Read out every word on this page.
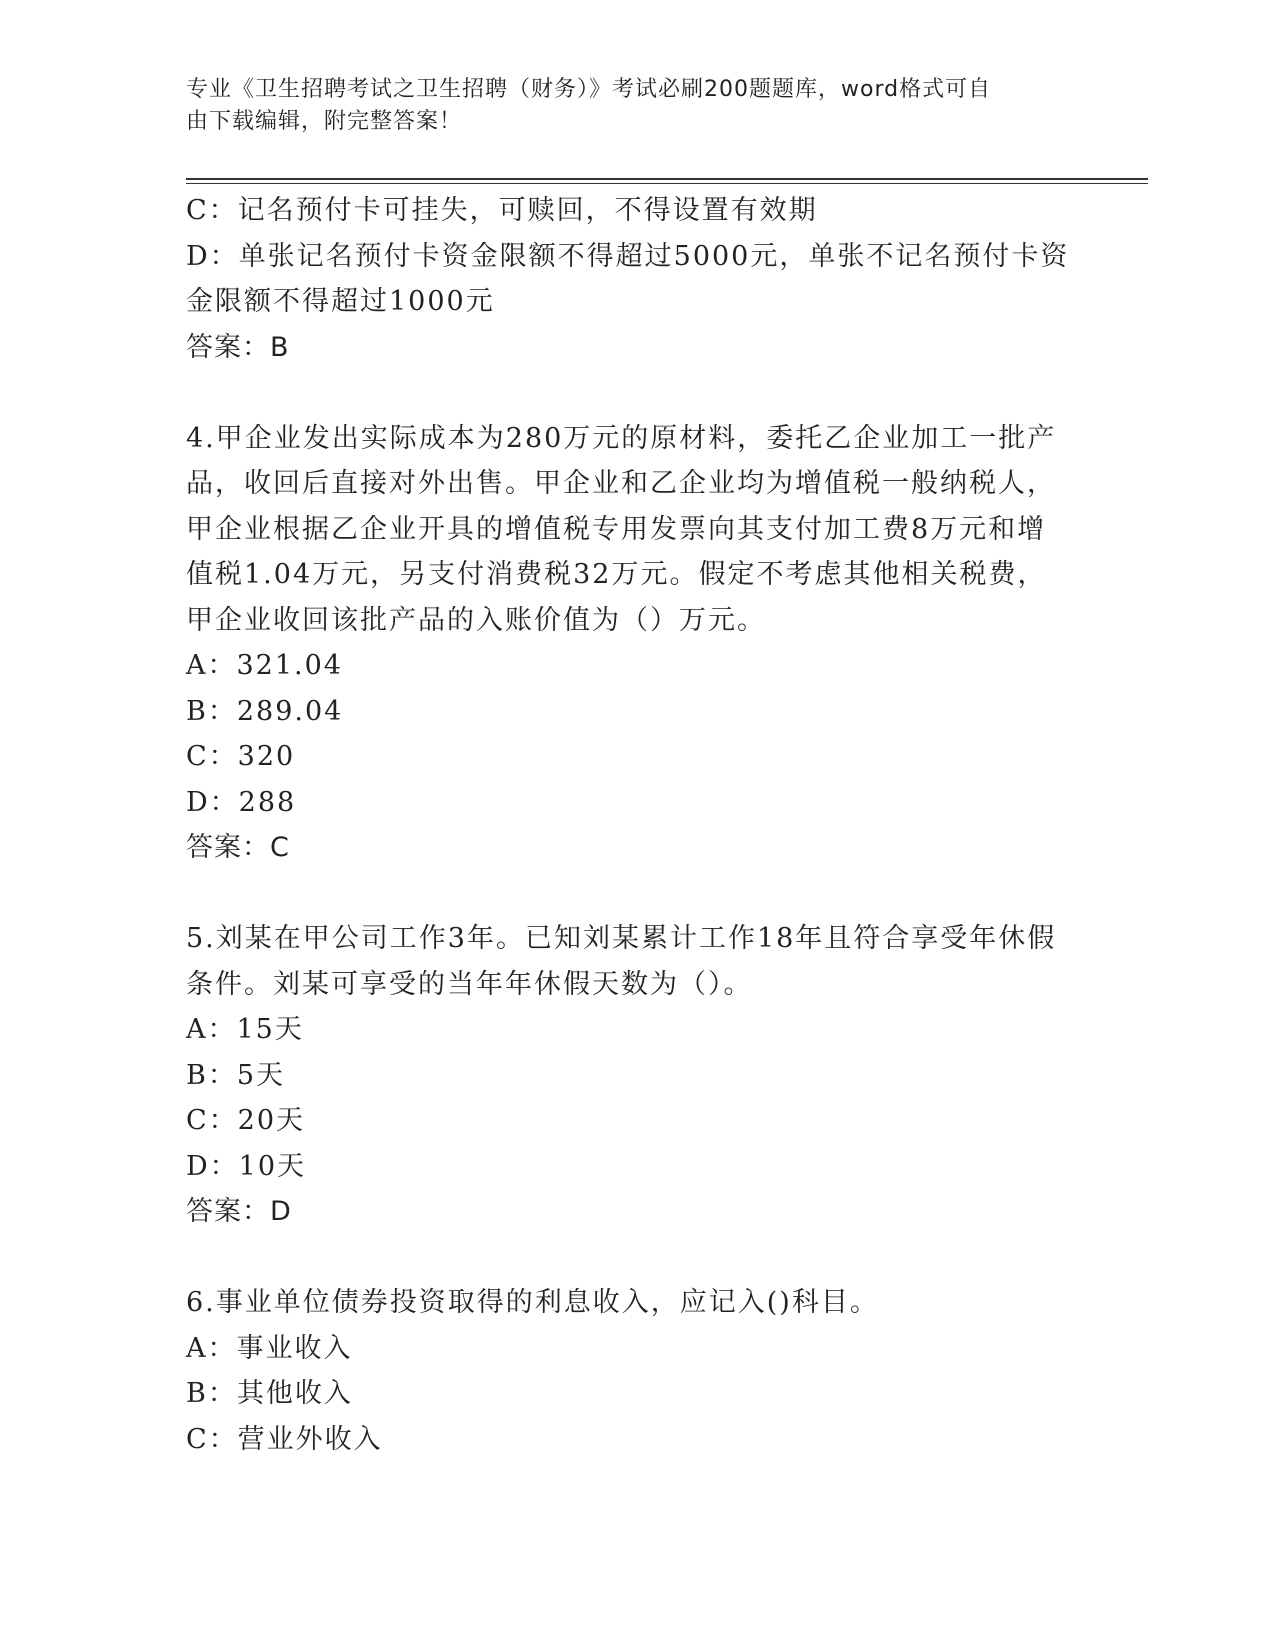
专业《卫生招聘考试之卫生招聘（财务）》考试必刷200题题库，word格式可自
由下载编辑，附完整答案！
C：记名预付卡可挂失，可赎回，不得设置有效期
D：单张记名预付卡资金限额不得超过5000元，单张不记名预付卡资
金限额不得超过1000元
答案：B
4.甲企业发出实际成本为280万元的原材料，委托乙企业加工一批产
品，收回后直接对外出售。甲企业和乙企业均为增值税一般纳税人，
甲企业根据乙企业开具的增值税专用发票向其支付加工费8万元和增
值税1.04万元，另支付消费税32万元。假定不考虑其他相关税费，
甲企业收回该批产品的入账价值为（）万元。
A：321.04
B：289.04
C：320
D：288
答案：C
5.刘某在甲公司工作3年。已知刘某累计工作18年且符合享受年休假
条件。刘某可享受的当年年休假天数为（）。
A：15天
B：5天
C：20天
D：10天
答案：D
6.事业单位债券投资取得的利息收入，应记入()科目。
A：事业收入
B：其他收入
C：营业外收入
